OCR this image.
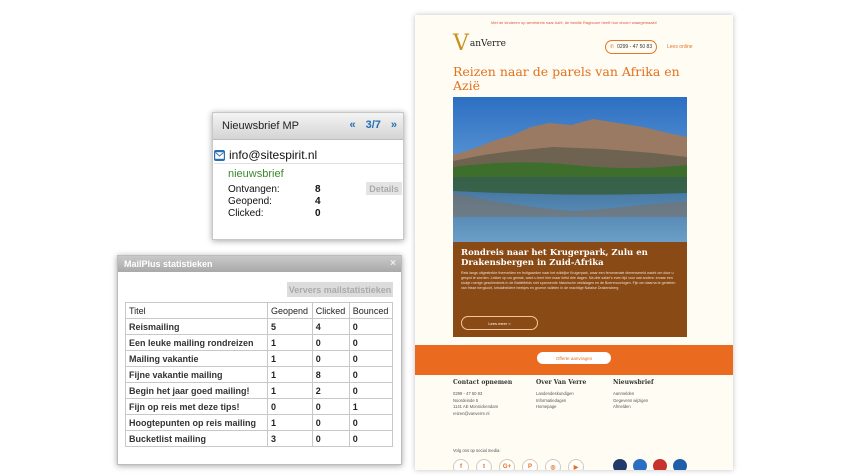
Nieuwsbrief MP	« 3/7 »
info@sitespirit.nl
nieuwsbrief
Ontvangen:	8
Geopend:	4
Clicked:	0
Details
MailPlus statistieken	×
Ververs mailstatistieken
Titel	Geopend	Clicked	Bounced
Reismailing	5	4	0
Een leuke mailing rondreizen	1	0	0
Mailing vakantie	1	0	0
Fijne vakantie mailing	1	8	0
Begin het jaar goed mailing!	1	2	0
Fijn op reis met deze tips!	0	0	1
Hoogtepunten op reis mailing	1	0	0
Bucketlist mailing	3	0	0
Met de kinderen op wereldreis naar Azië, de familie Ragboum heeft hun droom waargemaakt!
V anVerre	✆ 0299 - 47 50 83	Lees online
Reizen naar de parels van Afrika en Azië
Rondreis naar het Krugerpark, Zulu en Drakensbergen in Zuid-Afrika
Reis langs uitgestrekte theevelden en fruitgaarden naar het wildrijke Krugerpark, waar een fenomenale dierenwereld wacht om door u gespot te worden. Lekker op uw gemak, want u bent hier maar liefst drie dagen. Na drie safari's even tijd voor wat anders: ervaar een stukje roerige geschiedenis in de Battlefields met spannende historische veldslagen en de Boerenoorlogen. Fijn om daarna te genieten van frisse berglucht, kristalheldere beekjes en groene valleien in de machtige Natalse Drakensberg
Lees meer >
Offerte aanvragen
Contact opnemen
0299 - 47 50 83
Noordeinde 5
1141 AE Monnickendam
reizen@vanverre.nl
Over Van Verre
Landendeskundigen
Informatiedagen
Homepage
Nieuwsbrief
Aanmelden
Gegevens wijzigen
Afmelden
Volg ons op social media:
f	t	G+	P	◎	▶
